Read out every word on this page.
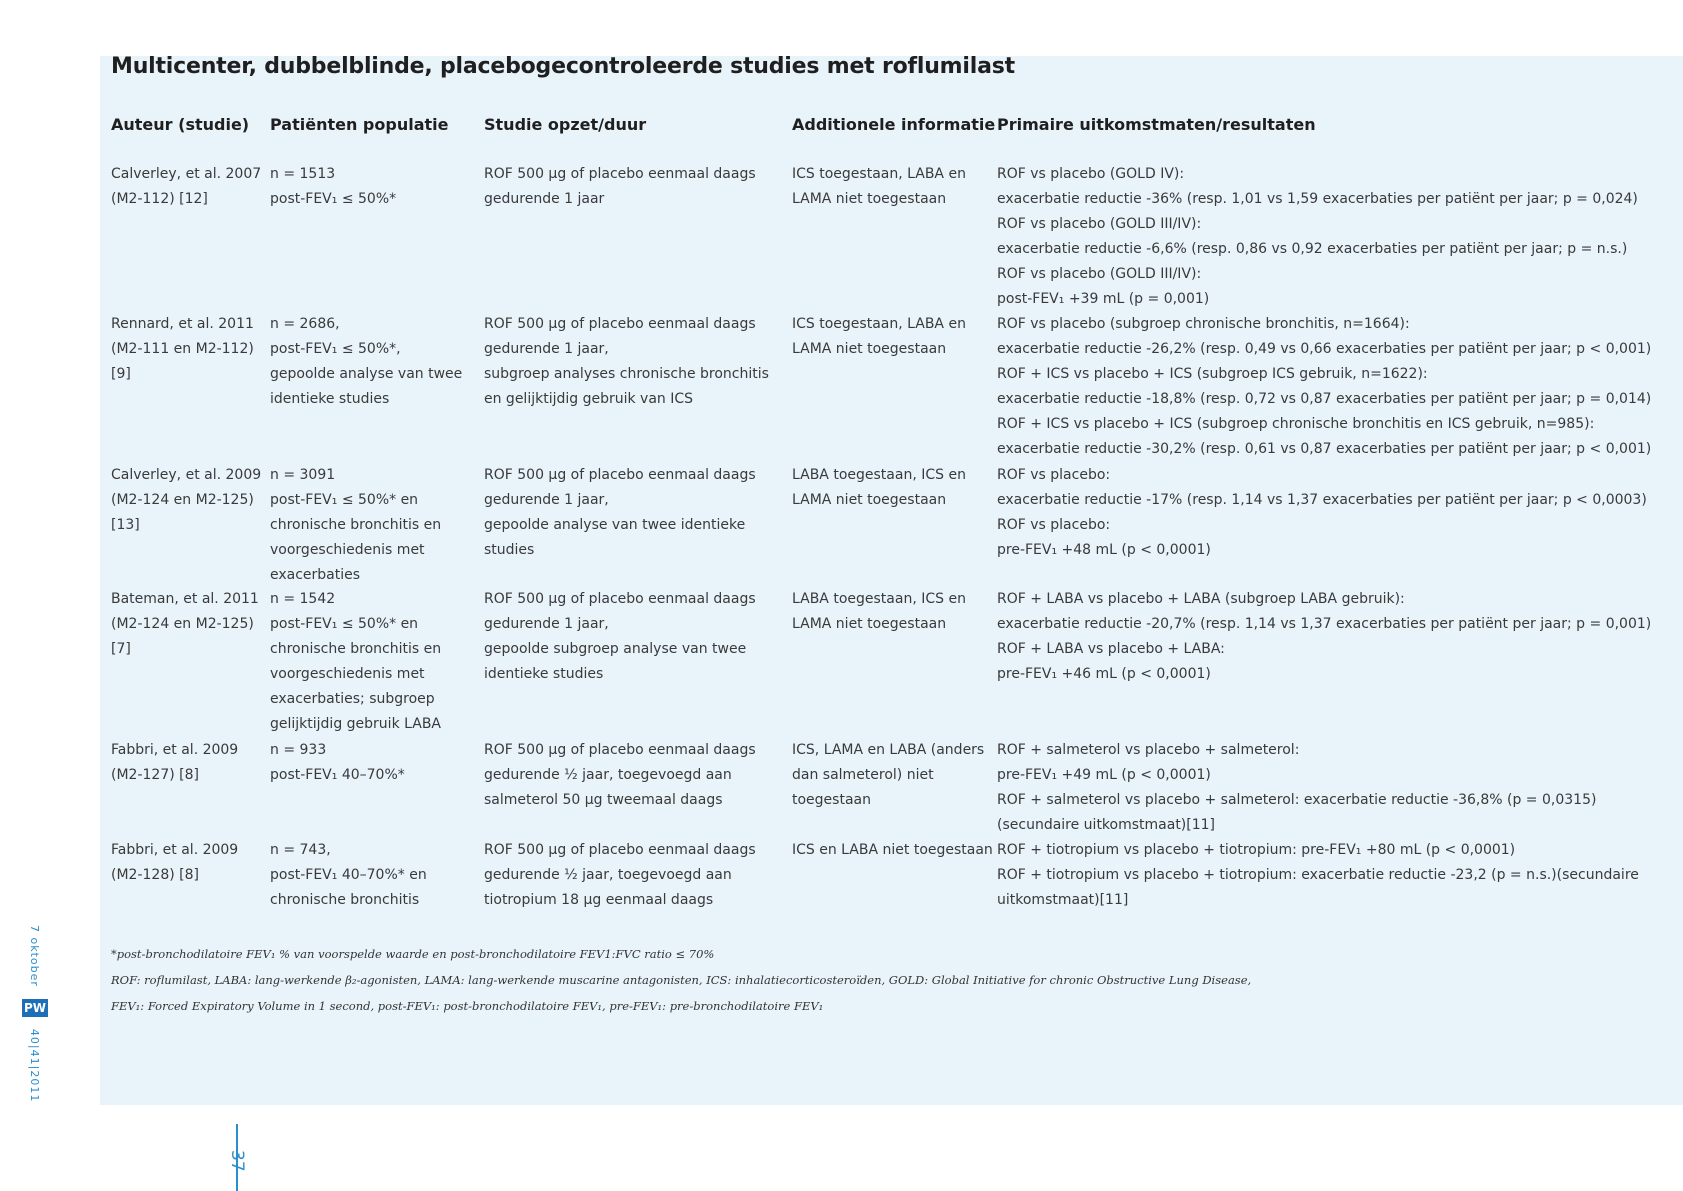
Multicenter, dubbelblinde, placebogecontroleerde studies met roflumilast
Auteur (studie) Patiënten populatie Studie opzet/duur	Additionele informatie Primaire uitkomstmaten/resultaten
Calverley, et al. 2007
(M2-112) [12]
n = 1513
post-FEV₁ ≤ 50%*
ROF 500 µg of placebo eenmaal daags
gedurende 1 jaar
ICS toegestaan, LABA en
LAMA niet toegestaan
ROF vs placebo (GOLD IV):
exacerbatie reductie -36% (resp. 1,01 vs 1,59 exacerbaties per patiënt per jaar; p = 0,024)
ROF vs placebo (GOLD III/IV):
exacerbatie reductie -6,6% (resp. 0,86 vs 0,92 exacerbaties per patiënt per jaar; p = n.s.)
ROF vs placebo (GOLD III/IV):
post-FEV₁ +39 mL (p = 0,001)
Rennard, et al. 2011
(M2-111 en M2-112)
[9]
n = 2686,
post-FEV₁ ≤ 50%*,
gepoolde analyse van twee
identieke studies
ROF 500 µg of placebo eenmaal daags
gedurende 1 jaar,
subgroep analyses chronische bronchitis
en gelijktijdig gebruik van ICS
ICS toegestaan, LABA en
LAMA niet toegestaan
ROF vs placebo (subgroep chronische bronchitis, n=1664):
exacerbatie reductie -26,2% (resp. 0,49 vs 0,66 exacerbaties per patiënt per jaar; p < 0,001)
ROF + ICS vs placebo + ICS (subgroep ICS gebruik, n=1622):
exacerbatie reductie -18,8% (resp. 0,72 vs 0,87 exacerbaties per patiënt per jaar; p = 0,014)
ROF + ICS vs placebo + ICS (subgroep chronische bronchitis en ICS gebruik, n=985):
exacerbatie reductie -30,2% (resp. 0,61 vs 0,87 exacerbaties per patiënt per jaar; p < 0,001)
Calverley, et al. 2009
(M2-124 en M2-125)
[13]
n = 3091
post-FEV₁ ≤ 50%* en
chronische bronchitis en
voorgeschiedenis met
exacerbaties
ROF 500 µg of placebo eenmaal daags
gedurende 1 jaar,
gepoolde analyse van twee identieke
studies
LABA toegestaan, ICS en
LAMA niet toegestaan
ROF vs placebo:
exacerbatie reductie -17% (resp. 1,14 vs 1,37 exacerbaties per patiënt per jaar; p < 0,0003)
ROF vs placebo:
pre-FEV₁ +48 mL (p < 0,0001)
Bateman, et al. 2011
(M2-124 en M2-125)
[7]
n = 1542
post-FEV₁ ≤ 50%* en
chronische bronchitis en
voorgeschiedenis met
exacerbaties; subgroep
gelijktijdig gebruik LABA
ROF 500 µg of placebo eenmaal daags
gedurende 1 jaar,
gepoolde subgroep analyse van twee
identieke studies
LABA toegestaan, ICS en
LAMA niet toegestaan
ROF + LABA vs placebo + LABA (subgroep LABA gebruik):
exacerbatie reductie -20,7% (resp. 1,14 vs 1,37 exacerbaties per patiënt per jaar; p = 0,001)
ROF + LABA vs placebo + LABA:
pre-FEV₁ +46 mL (p < 0,0001)
Fabbri, et al. 2009
(M2-127) [8]
n = 933
post-FEV₁ 40–70%*
ROF 500 µg of placebo eenmaal daags
gedurende ½ jaar, toegevoegd aan
salmeterol 50 µg tweemaal daags
ICS, LAMA en LABA (anders
dan salmeterol) niet
toegestaan
ROF + salmeterol vs placebo + salmeterol:
pre-FEV₁ +49 mL (p < 0,0001)
ROF + salmeterol vs placebo + salmeterol: exacerbatie reductie -36,8% (p = 0,0315)
(secundaire uitkomstmaat)[11]
Fabbri, et al. 2009
(M2-128) [8]
n = 743,
post-FEV₁ 40–70%* en
chronische bronchitis
ROF 500 µg of placebo eenmaal daags
gedurende ½ jaar, toegevoegd aan
tiotropium 18 µg eenmaal daags
ICS en LABA niet toegestaan ROF + tiotropium vs placebo + tiotropium: pre-FEV₁ +80 mL (p < 0,0001)
ROF + tiotropium vs placebo + tiotropium: exacerbatie reductie -23,2 (p = n.s.)(secundaire
uitkomstmaat)[11]
*post-bronchodilatoire FEV₁ % van voorspelde waarde en post-bronchodilatoire FEV1:FVC ratio ≤ 70%
ROF: roflumilast, LABA: lang-werkende β₂-agonisten, LAMA: lang-werkende muscarine antagonisten, ICS: inhalatiecorticosteroïden, GOLD: Global Initiative for chronic Obstructive Lung Disease,
FEV₁: Forced Expiratory Volume in 1 second, post-FEV₁: post-bronchodilatoire FEV₁, pre-FEV₁: pre-bronchodilatoire FEV₁
7 oktober
PW
40|41|2011
37
